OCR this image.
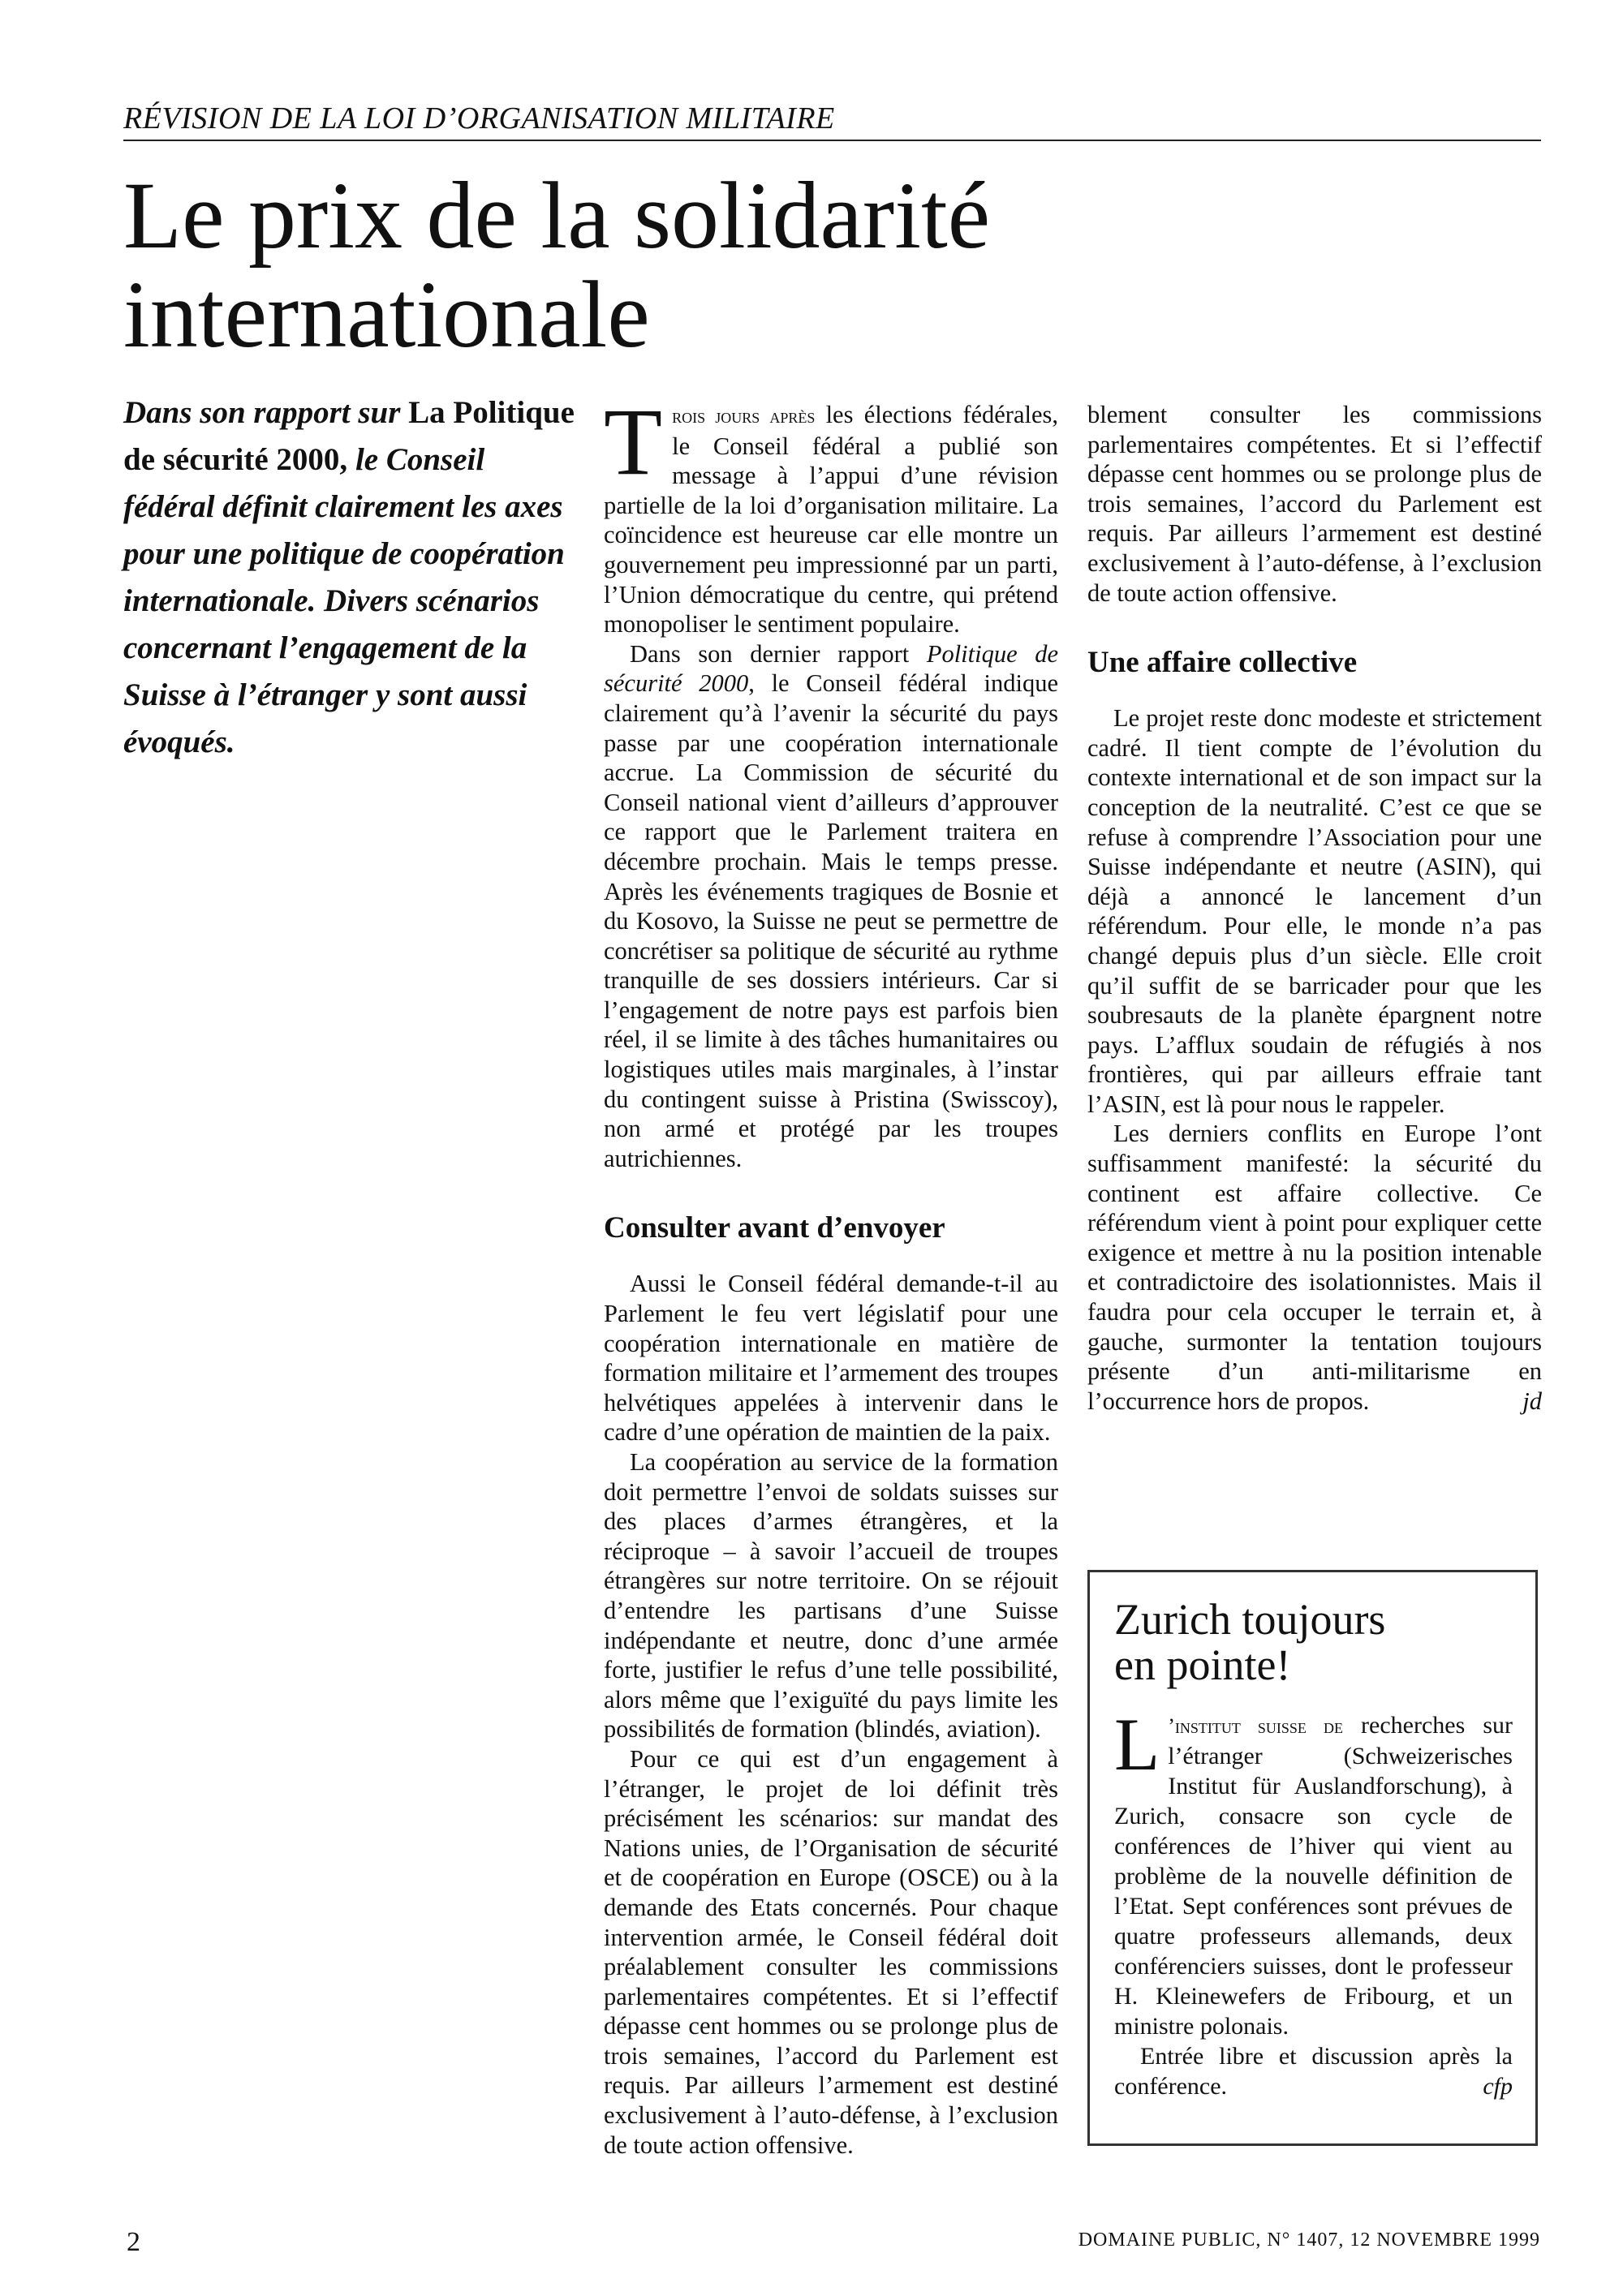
RÉVISION DE LA LOI D’ORGANISATION MILITAIRE
Le prix de la solidarité
internationale
Dans son rapport sur La Politique de sécurité 2000, le Conseil fédéral définit clairement les axes pour une politique de coopération internationale. Divers scénarios concernant l’engagement de la Suisse à l’étranger y sont aussi évoqués.

Trois jours après les élections fédérales, le Conseil fédéral a publié son message à l’appui d’une révision partielle de la loi d’organisation militaire. La coïncidence est heureuse car elle montre un gouvernement peu impressionné par un parti, l’Union démocratique du centre, qui prétend monopoliser le sentiment populaire.

Dans son dernier rapport Politique de sécurité 2000, le Conseil fédéral indique clairement qu’à l’avenir la sécurité du pays passe par une coopération internationale accrue. La Commission de sécurité du Conseil national vient d’ailleurs d’approuver ce rapport que le Parlement traitera en décembre prochain. Mais le temps presse. Après les événements tragiques de Bosnie et du Kosovo, la Suisse ne peut se permettre de concrétiser sa politique de sécurité au rythme tranquille de ses dossiers intérieurs. Car si l’engagement de notre pays est parfois bien réel, il se limite à des tâches humanitaires ou logistiques utiles mais marginales, à l’instar du contingent suisse à Pristina (Swisscoy), non armé et protégé par les troupes autrichiennes.

Consulter avant d’envoyer

Aussi le Conseil fédéral demande-t-il au Parlement le feu vert législatif pour une coopération internationale en matière de formation militaire et l’armement des troupes helvétiques appelées à intervenir dans le cadre d’une opération de maintien de la paix.

La coopération au service de la formation doit permettre l’envoi de soldats suisses sur des places d’armes étrangères, et la réciproque – à savoir l’accueil de troupes étrangères sur notre territoire. On se réjouit d’entendre les partisans d’une Suisse indépendante et neutre, donc d’une armée forte, justifier le refus d’une telle possibilité, alors même que l’exiguïté du pays limite les possibilités de formation (blindés, aviation).

Pour ce qui est d’un engagement à l’étranger, le projet de loi définit très précisément les scénarios: sur mandat des Nations unies, de l’Organisation de sécurité et de coopération en Europe (OSCE) ou à la demande des Etats concernés. Pour chaque intervention armée, le Conseil fédéral doit préalablement consulter les commissions parlementaires compétentes. Et si l’effectif dépasse cent hommes ou se prolonge plus de trois semaines, l’accord du Parlement est requis. Par ailleurs l’armement est destiné exclusivement à l’auto-défense, à l’exclusion de toute action offensive.

blement consulter les commissions parlementaires compétentes. Et si l’effectif dépasse cent hommes ou se prolonge plus de trois semaines, l’accord du Parlement est requis. Par ailleurs l’armement est destiné exclusivement à l’auto-défense, à l’exclusion de toute action offensive.

Une affaire collective

Le projet reste donc modeste et strictement cadré. Il tient compte de l’évolution du contexte international et de son impact sur la conception de la neutralité. C’est ce que se refuse à comprendre l’Association pour une Suisse indépendante et neutre (ASIN), qui déjà a annoncé le lancement d’un référendum. Pour elle, le monde n’a pas changé depuis plus d’un siècle. Elle croit qu’il suffit de se barricader pour que les soubresauts de la planète épargnent notre pays. L’afflux soudain de réfugiés à nos frontières, qui par ailleurs effraie tant l’ASIN, est là pour nous le rappeler.

Les derniers conflits en Europe l’ont suffisamment manifesté: la sécurité du continent est affaire collective. Ce référendum vient à point pour expliquer cette exigence et mettre à nu la position intenable et contradictoire des isolationnistes. Mais il faudra pour cela occuper le terrain et, à gauche, surmonter la tentation toujours présente d’un anti-militarisme en l’occurrence hors de propos.	jd

Zurich toujours
en pointe!

L ’institut suisse de recherches sur l’étranger (Schweizerisches Institut für Auslandforschung), à Zurich, consacre son cycle de conférences de l’hiver qui vient au problème de la nouvelle définition de l’Etat. Sept conférences sont prévues de quatre professeurs allemands, deux conférenciers suisses, dont le professeur H. Kleinewefers de Fribourg, et un ministre polonais.

Entrée libre et discussion après la conférence.	cfp

2	DOMAINE PUBLIC, N° 1407, 12 NOVEMBRE 1999
